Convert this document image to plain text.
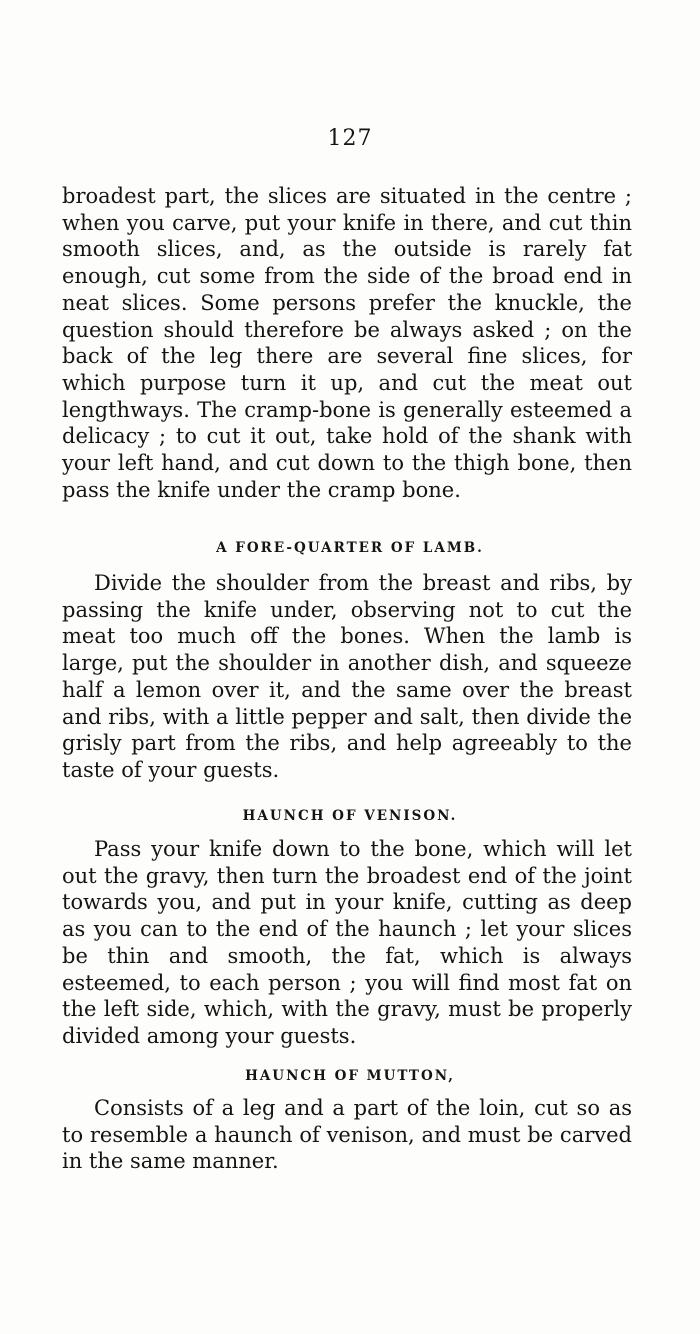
127

broadest part, the slices are situated in the centre ; when you carve, put your knife in there, and cut thin smooth slices, and, as the outside is rarely fat enough, cut some from the side of the broad end in neat slices. Some persons prefer the knuckle, the question should therefore be always asked ; on the back of the leg there are several fine slices, for which purpose turn it up, and cut the meat out lengthways. The cramp-bone is generally esteemed a delicacy ; to cut it out, take hold of the shank with your left hand, and cut down to the thigh bone, then pass the knife under the cramp bone.

A FORE-QUARTER OF LAMB.

Divide the shoulder from the breast and ribs, by passing the knife under, observing not to cut the meat too much off the bones. When the lamb is large, put the shoulder in another dish, and squeeze half a lemon over it, and the same over the breast and ribs, with a little pepper and salt, then divide the grisly part from the ribs, and help agreeably to the taste of your guests.

HAUNCH OF VENISON.

Pass your knife down to the bone, which will let out the gravy, then turn the broadest end of the joint towards you, and put in your knife, cutting as deep as you can to the end of the haunch ; let your slices be thin and smooth, the fat, which is always esteemed, to each person ; you will find most fat on the left side, which, with the gravy, must be properly divided among your guests.

HAUNCH OF MUTTON,

Consists of a leg and a part of the loin, cut so as to resemble a haunch of venison, and must be carved in the same manner.
